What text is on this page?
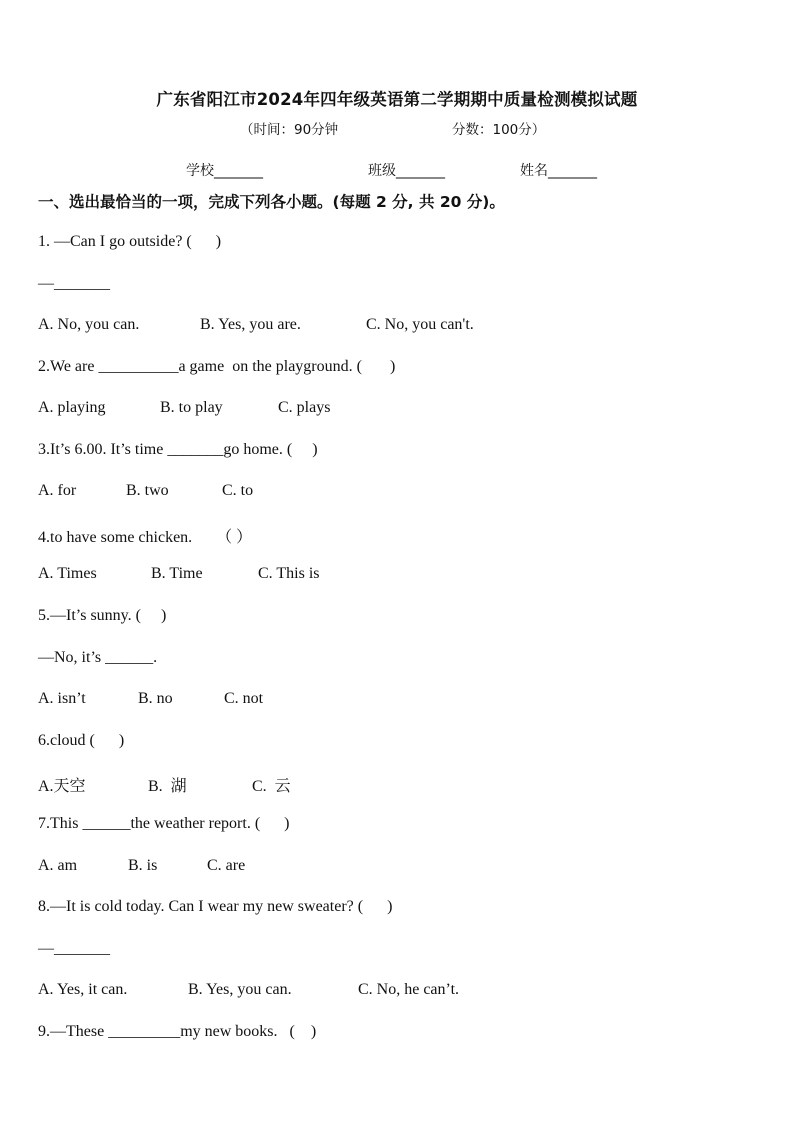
广东省阳江市2024年四年级英语第二学期期中质量检测模拟试题
（时间：90分钟	分数：100分）
学校_______	班级_______	姓名_______
一、选出最恰当的一项，完成下列各小题。(每题 2 分, 共 20 分)。
1. —Can I go outside? (      )
—_______
A. No, you can.	B. Yes, you are.	C. No, you can't.
2.We are __________a game  on the playground. (       )
A. playing	B. to play	C. plays
3.It’s 6.00. It’s time _______go home. (     )
A. for	B. two	C. to
4.to have some chicken.      （ ）
A. Times	B. Time	C. This is
5.—It’s sunny. (     )
—No, it’s ______.
A. isn’t	B. no	C. not
6.cloud (      )
A.天空	B.  湖	C.  云
7.This ______the weather report. (      )
A. am	B. is	C. are
8.—It is cold today. Can I wear my new sweater? (      )
—_______
A. Yes, it can.	B. Yes, you can.	C. No, he can’t.
9.—These _________my new books.   (    )
